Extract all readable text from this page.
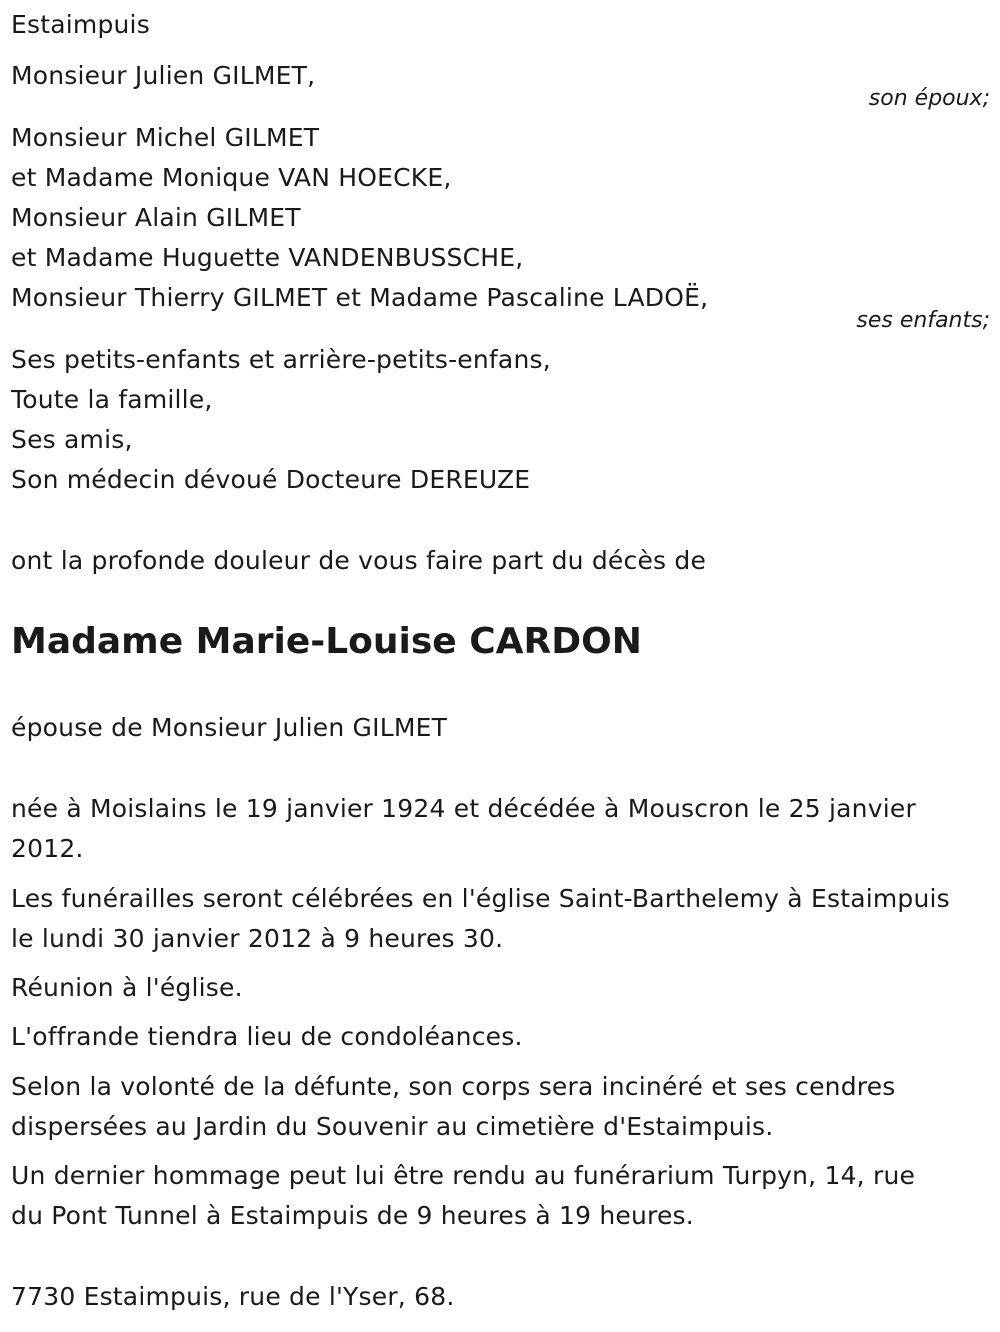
Estaimpuis
Monsieur Julien GILMET,
son époux;
Monsieur Michel GILMET
et Madame Monique VAN HOECKE,
Monsieur Alain GILMET
et Madame Huguette VANDENBUSSCHE,
Monsieur Thierry GILMET et Madame Pascaline LADOË,
ses enfants;
Ses petits-enfants et arrière-petits-enfans,
Toute la famille,
Ses amis,
Son médecin dévoué Docteure DEREUZE
ont la profonde douleur de vous faire part du décès de
Madame Marie-Louise CARDON
épouse de Monsieur Julien GILMET
née à Moislains le 19 janvier 1924 et décédée à Mouscron le 25 janvier
2012.
Les funérailles seront célébrées en l'église Saint-Barthelemy à Estaimpuis
le lundi 30 janvier 2012 à 9 heures 30.
Réunion à l'église.
L'offrande tiendra lieu de condoléances.
Selon la volonté de la défunte, son corps sera incinéré et ses cendres
dispersées au Jardin du Souvenir au cimetière d'Estaimpuis.
Un dernier hommage peut lui être rendu au funérarium Turpyn, 14, rue
du Pont Tunnel à Estaimpuis de 9 heures à 19 heures.
7730 Estaimpuis, rue de l'Yser, 68.
